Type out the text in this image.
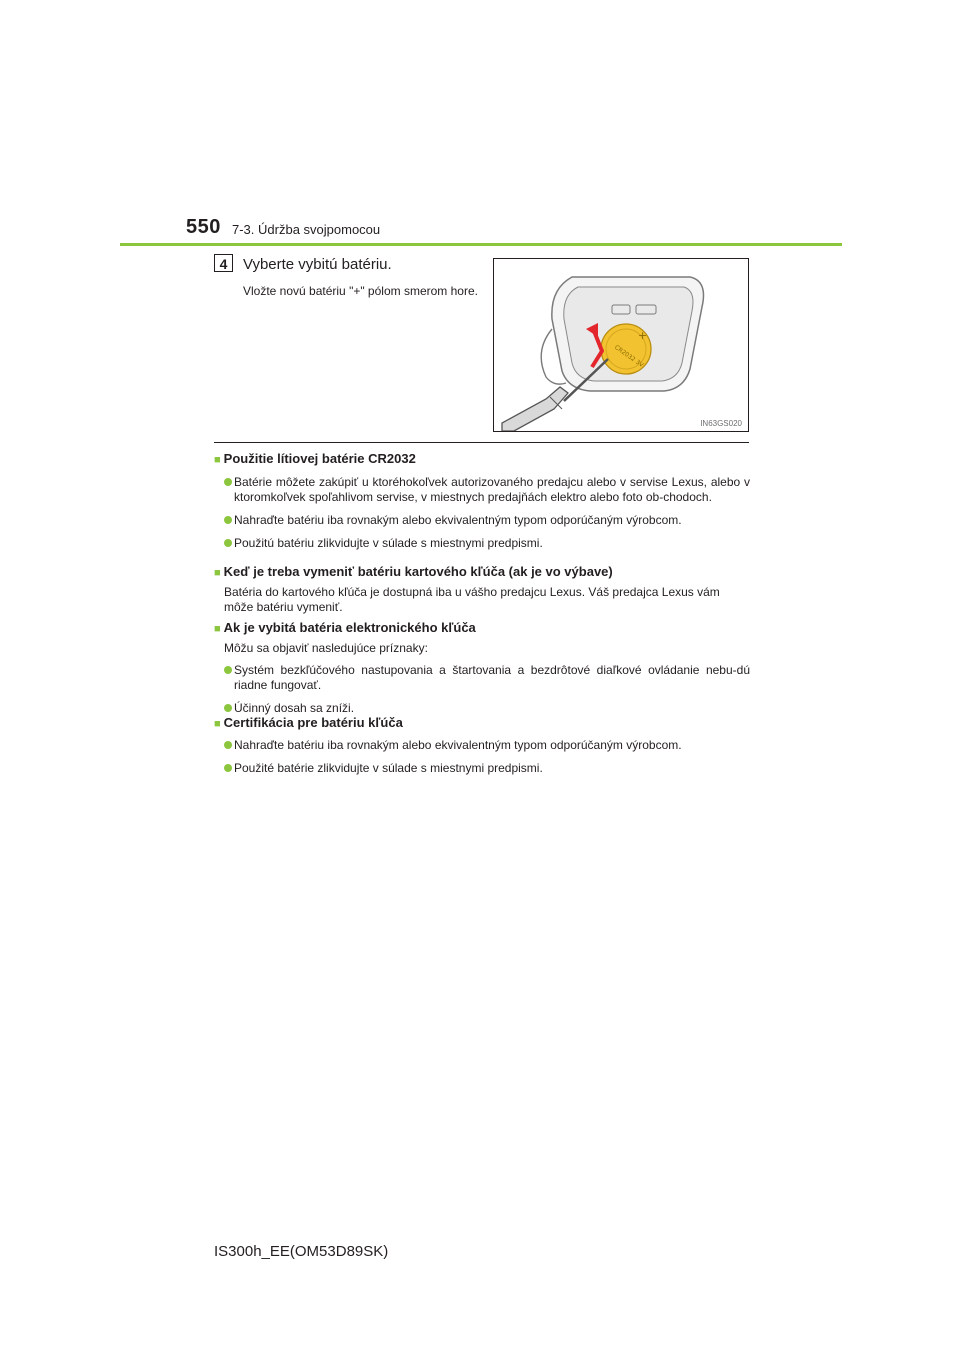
550 7-3. Údržba svojpomocou
4	Vyberte vybitú batériu.
Vložte novú batériu "+" pólom smerom hore.
+
CR2032 3V
IN63GS020
■ Použitie lítiovej batérie CR2032
Batérie môžete zakúpiť u ktoréhokoľvek autorizovaného predajcu alebo v servise Lexus, alebo v ktoromkoľvek spoľahlivom servise, v miestnych predajňách elektro alebo foto ob-chodoch.
Nahraďte batériu iba rovnakým alebo ekvivalentným typom odporúčaným výrobcom.
Použitú batériu zlikvidujte v súlade s miestnymi predpismi.
■ Keď je treba vymeniť batériu kartového kľúča (ak je vo výbave)
Batéria do kartového kľúča je dostupná iba u vášho predajcu Lexus. Váš predajca Lexus vám môže batériu vymeniť.
■ Ak je vybitá batéria elektronického kľúča
Môžu sa objaviť nasledujúce príznaky:
Systém bezkľúčového nastupovania a štartovania a bezdrôtové diaľkové ovládanie nebu-dú riadne fungovať.
Účinný dosah sa zníži.
■ Certifikácia pre batériu kľúča
Nahraďte batériu iba rovnakým alebo ekvivalentným typom odporúčaným výrobcom.
Použité batérie zlikvidujte v súlade s miestnymi predpismi.
IS300h_EE(OM53D89SK)
